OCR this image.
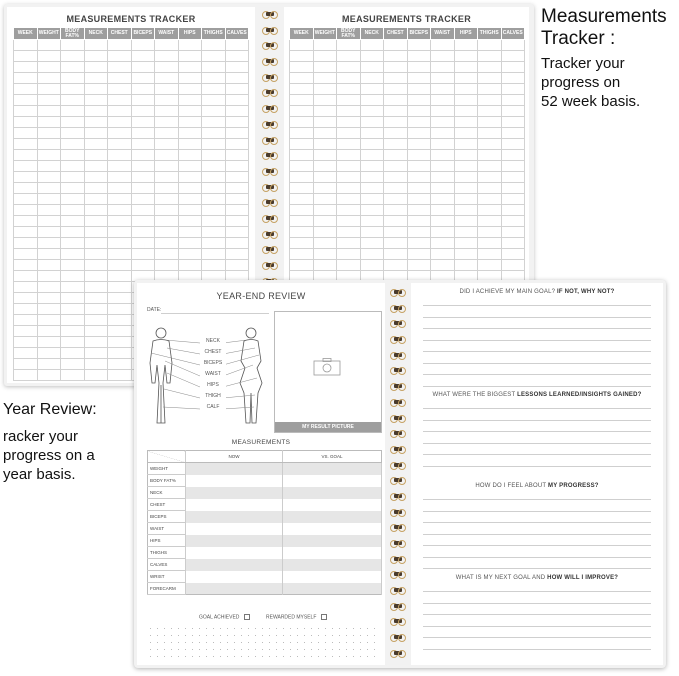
MEASUREMENTS TRACKER
WEEK	WEIGHT	BODY FAT%	NECK	CHEST	BICEPS	WAIST	HIPS	THIGHS	CALVES

MEASUREMENTS TRACKER
WEEK	WEIGHT	BODY FAT%	NECK	CHEST	BICEPS	WAIST	HIPS	THIGHS	CALVES

YEAR-END REVIEW
DATE:
NECK
CHEST
BICEPS
WAIST
HIPS
THIGH
CALF
MY RESULT PICTURE
MEASUREMENTS
	NOW	VS. GOAL
WEIGHT		
BODY FAT%		
NECK		
CHEST		
BICEPS		
WAIST		
HIPS		
THIGHS		
CALVES		
WRIST		
FORECARM		
GOAL ACHIEVED	REWARDED MYSELF
DID I ACHIEVE MY MAIN GOAL? IF NOT, WHY NOT?
WHAT WERE THE BIGGEST LESSONS LEARNED/INSIGHTS GAINED?
HOW DO I FEEL ABOUT MY PROGRESS?
WHAT IS MY NEXT GOAL AND HOW WILL I IMPROVE?
Measurements
Tracker :
Tracker your
progress on
52 week basis.
Year Review:
racker your
progress on a
year basis.
